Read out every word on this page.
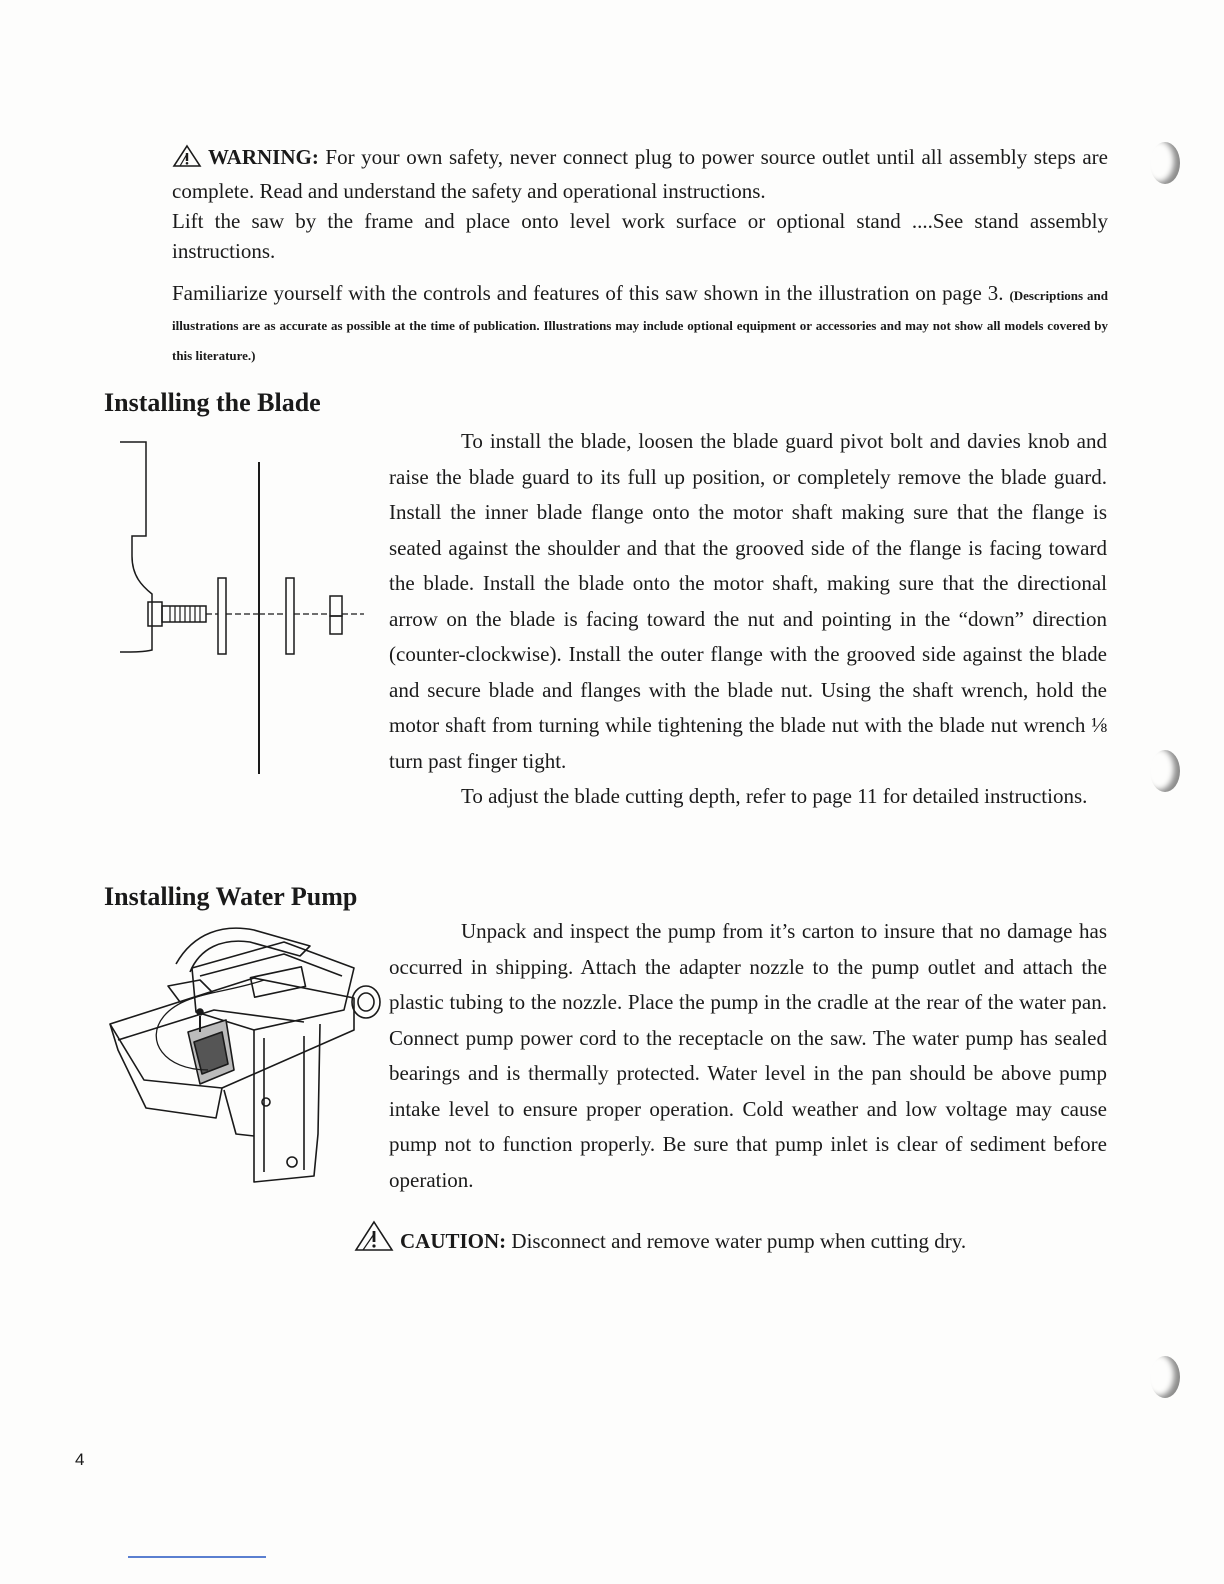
WARNING: For your own safety, never connect plug to power source outlet until all assembly steps are complete. Read and understand the safety and operational instructions.

Lift the saw by the frame and place onto level work surface or optional stand ....See stand assembly instructions.

Familiarize yourself with the controls and features of this saw shown in the illustration on page 3. (Descriptions and illustrations are as accurate as possible at the time of publication. Illustrations may include optional equipment or accessories and may not show all models covered by this literature.)
Installing the Blade

To install the blade, loosen the blade guard pivot bolt and davies knob and raise the blade guard to its full up position, or completely remove the blade guard. Install the inner blade flange onto the motor shaft making sure that the flange is seated against the shoulder and that the grooved side of the flange is facing toward the blade. Install the blade onto the motor shaft, making sure that the directional arrow on the blade is facing toward the nut and pointing in the “down” direction (counter-clockwise). Install the outer flange with the grooved side against the blade and secure blade and flanges with the blade nut. Using the shaft wrench, hold the motor shaft from turning while tightening the blade nut with the blade nut wrench ⅛ turn past finger tight.

To adjust the blade cutting depth, refer to page 11 for detailed instructions.

Installing Water Pump

Unpack and inspect the pump from it’s carton to insure that no damage has occurred in shipping. Attach the adapter nozzle to the pump outlet and attach the plastic tubing to the nozzle. Place the pump in the cradle at the rear of the water pan. Connect pump power cord to the receptacle on the saw. The water pump has sealed bearings and is thermally protected. Water level in the pan should be above pump intake level to ensure proper operation. Cold weather and low voltage may cause pump not to function properly. Be sure that pump inlet is clear of sediment before operation.

CAUTION: Disconnect and remove water pump when cutting dry.
4
